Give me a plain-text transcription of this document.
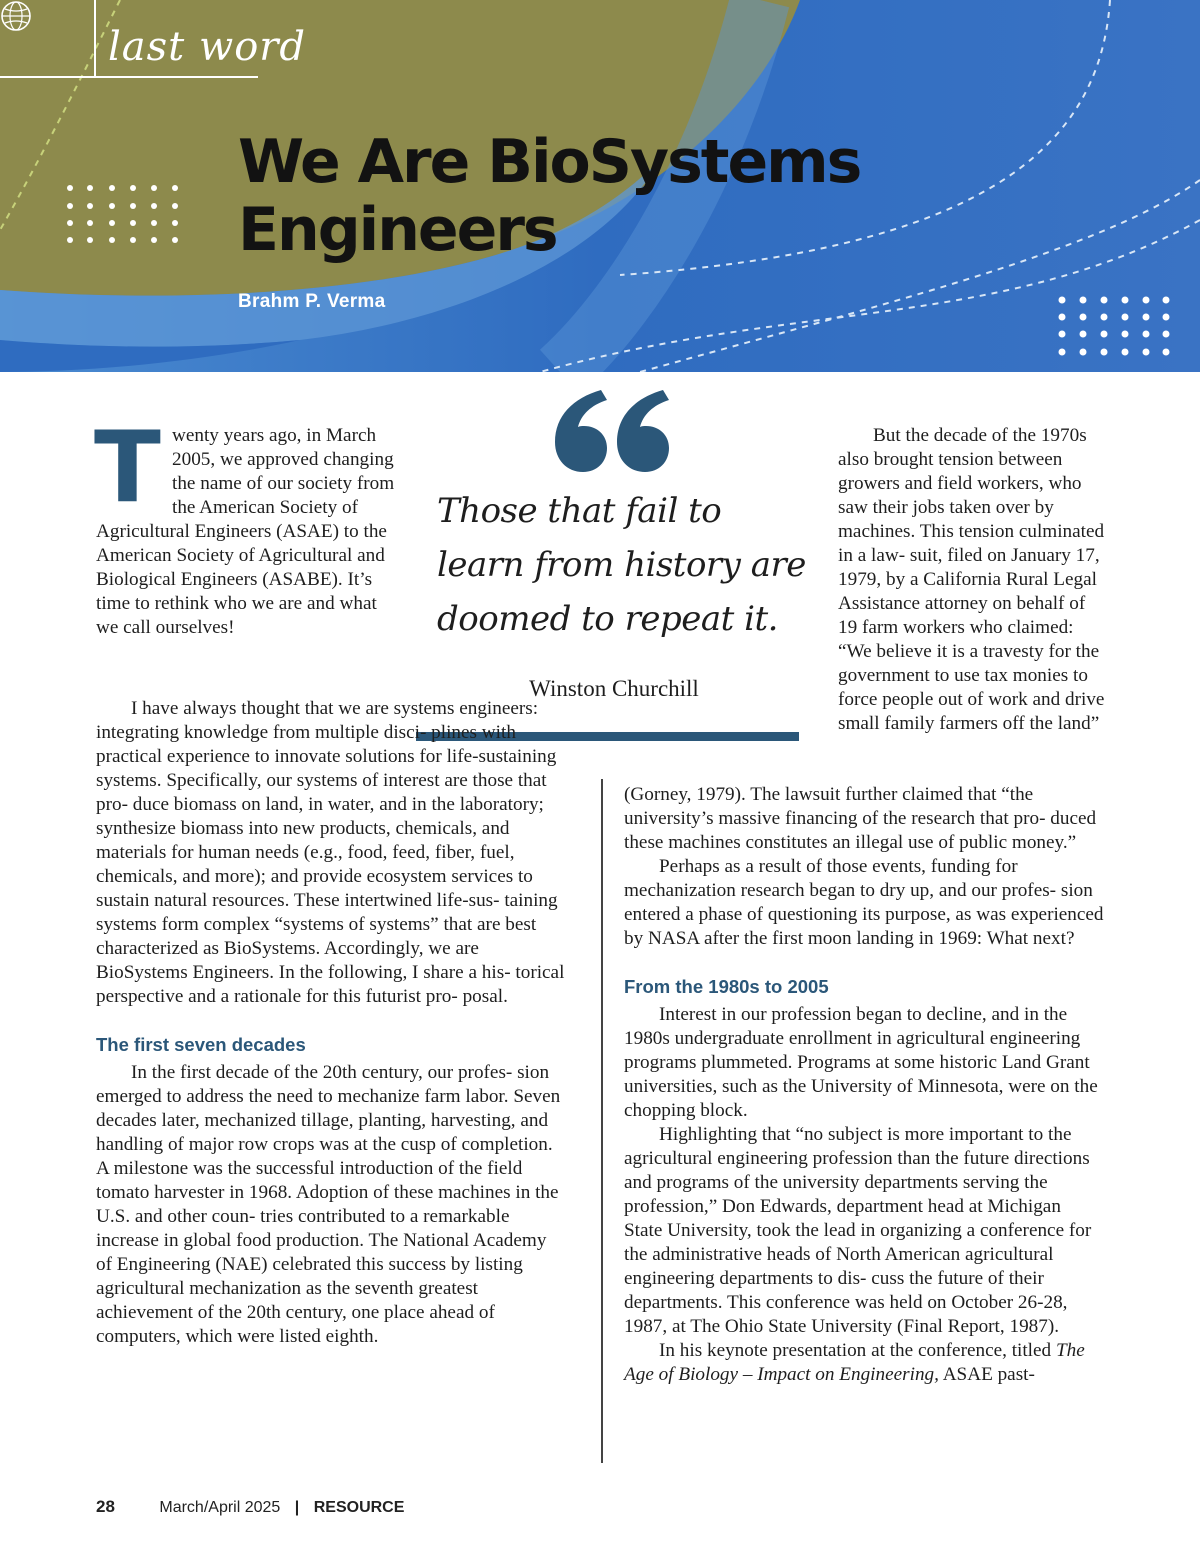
last word
We Are BioSystems
Engineers
Brahm P. Verma
Those that fail to learn from history are doomed to repeat it.
Winston Churchill

Twenty years ago, in March 2005, we approved changing the name of our society from the American Society of Agricultural Engineers (ASAE) to the American Society of Agricultural and Biological Engineers (ASABE). It’s time to rethink who we are and what we call ourselves!

I have always thought that we are systems engineers: integrating knowledge from multiple disci- plines with practical experience to innovate solutions for life-sustaining systems. Specifically, our systems of interest are those that pro- duce biomass on land, in water, and in the laboratory; synthesize biomass into new products, chemicals, and materials for human needs (e.g., food, feed, fiber, fuel, chemicals, and more); and provide ecosystem services to sustain natural resources. These intertwined life-sus- taining systems form complex “systems of systems” that are best characterized as BioSystems. Accordingly, we are BioSystems Engineers. In the following, I share a his- torical perspective and a rationale for this futurist pro- posal.

The first seven decades

In the first decade of the 20th century, our profes- sion emerged to address the need to mechanize farm labor. Seven decades later, mechanized tillage, planting, harvesting, and handling of major row crops was at the cusp of completion. A milestone was the successful introduction of the field tomato harvester in 1968. Adoption of these machines in the U.S. and other coun- tries contributed to a remarkable increase in global food production. The National Academy of Engineering (NAE) celebrated this success by listing agricultural mechanization as the seventh greatest achievement of the 20th century, one place ahead of computers, which were listed eighth.

But the decade of the 1970s also brought tension between growers and field workers, who saw their jobs taken over by machines. This tension culminated in a law- suit, filed on January 17, 1979, by a California Rural Legal Assistance attorney on behalf of 19 farm workers who claimed: “We believe it is a travesty for the government to use tax monies to force people out of work and drive small family farmers off the land”

(Gorney, 1979). The lawsuit further claimed that “the university’s massive financing of the research that pro- duced these machines constitutes an illegal use of public money.”

Perhaps as a result of those events, funding for mechanization research began to dry up, and our profes- sion entered a phase of questioning its purpose, as was experienced by NASA after the first moon landing in 1969: What next?

From the 1980s to 2005

Interest in our profession began to decline, and in the 1980s undergraduate enrollment in agricultural engineering programs plummeted. Programs at some historic Land Grant universities, such as the University of Minnesota, were on the chopping block.

Highlighting that “no subject is more important to the agricultural engineering profession than the future directions and programs of the university departments serving the profession,” Don Edwards, department head at Michigan State University, took the lead in organizing a conference for the administrative heads of North American agricultural engineering departments to dis- cuss the future of their departments. This conference was held on October 26-28, 1987, at The Ohio State University (Final Report, 1987).

In his keynote presentation at the conference, titled The Age of Biology – Impact on Engineering, ASAE past-

28	March/April 2025 | RESOURCE
